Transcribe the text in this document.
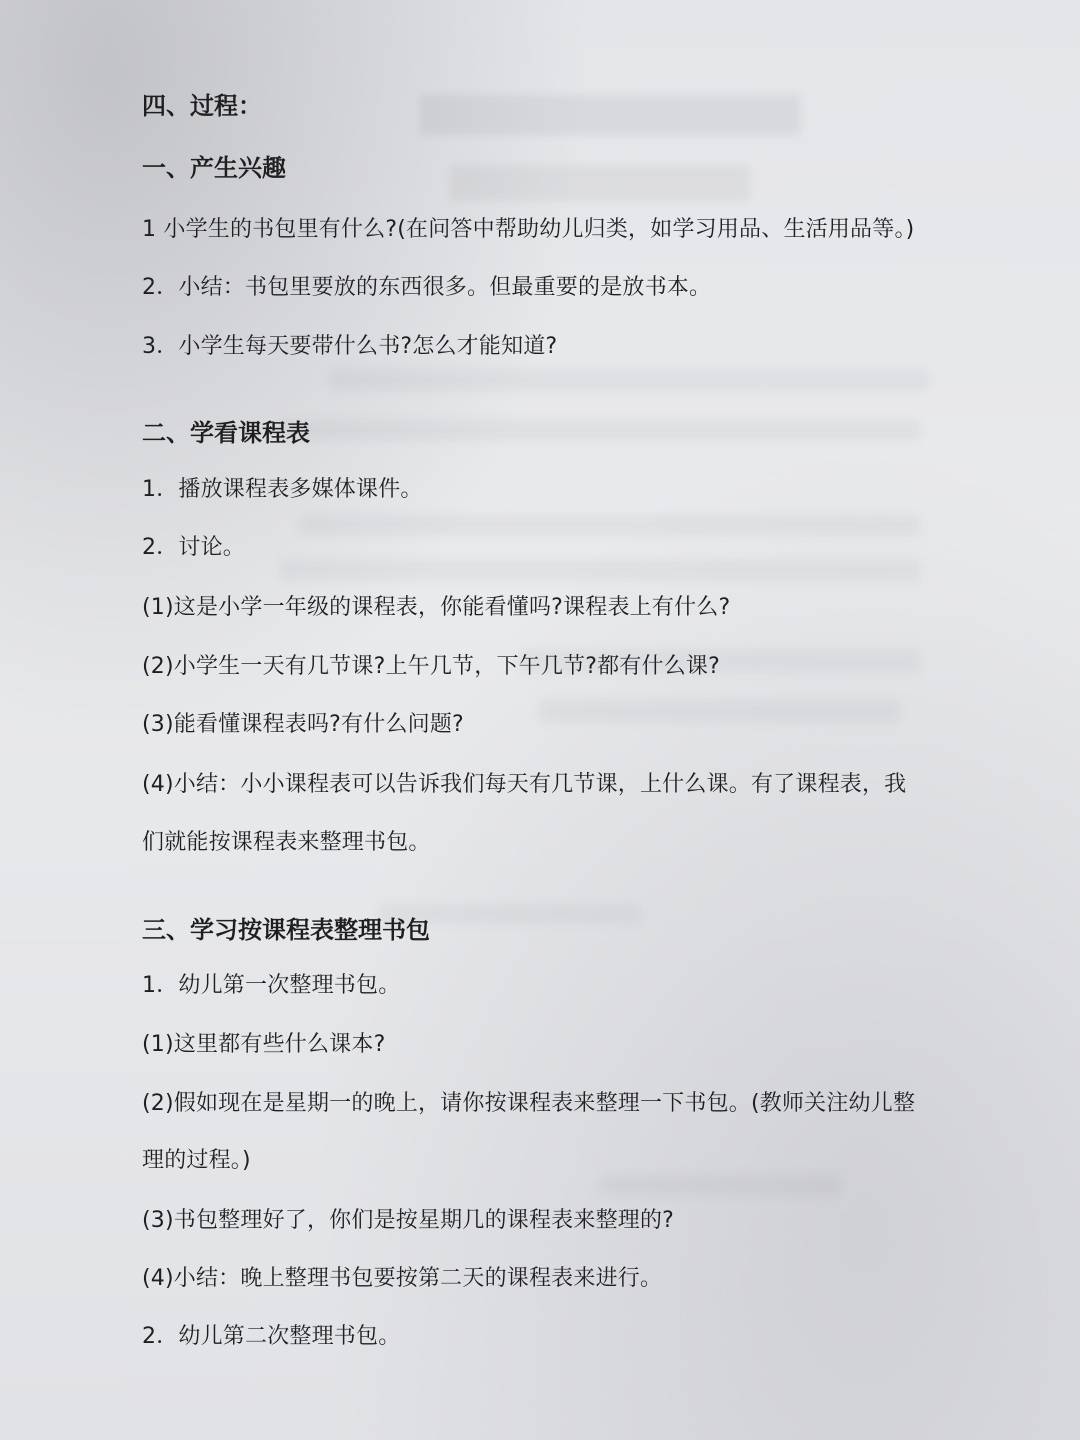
四、过程：
一、产生兴趣
1 小学生的书包里有什么?(在问答中帮助幼儿归类，如学习用品、生活用品等。)
2．小结：书包里要放的东西很多。但最重要的是放书本。
3．小学生每天要带什么书?怎么才能知道?
二、学看课程表
1．播放课程表多媒体课件。
2．讨论。
(1)这是小学一年级的课程表，你能看懂吗?课程表上有什么?
(2)小学生一天有几节课?上午几节，下午几节?都有什么课?
(3)能看懂课程表吗?有什么问题?
(4)小结：小小课程表可以告诉我们每天有几节课，上什么课。有了课程表，我
们就能按课程表来整理书包。
三、学习按课程表整理书包
1．幼儿第一次整理书包。
(1)这里都有些什么课本?
(2)假如现在是星期一的晚上，请你按课程表来整理一下书包。(教师关注幼儿整
理的过程。)
(3)书包整理好了，你们是按星期几的课程表来整理的?
(4)小结：晚上整理书包要按第二天的课程表来进行。
2．幼儿第二次整理书包。
